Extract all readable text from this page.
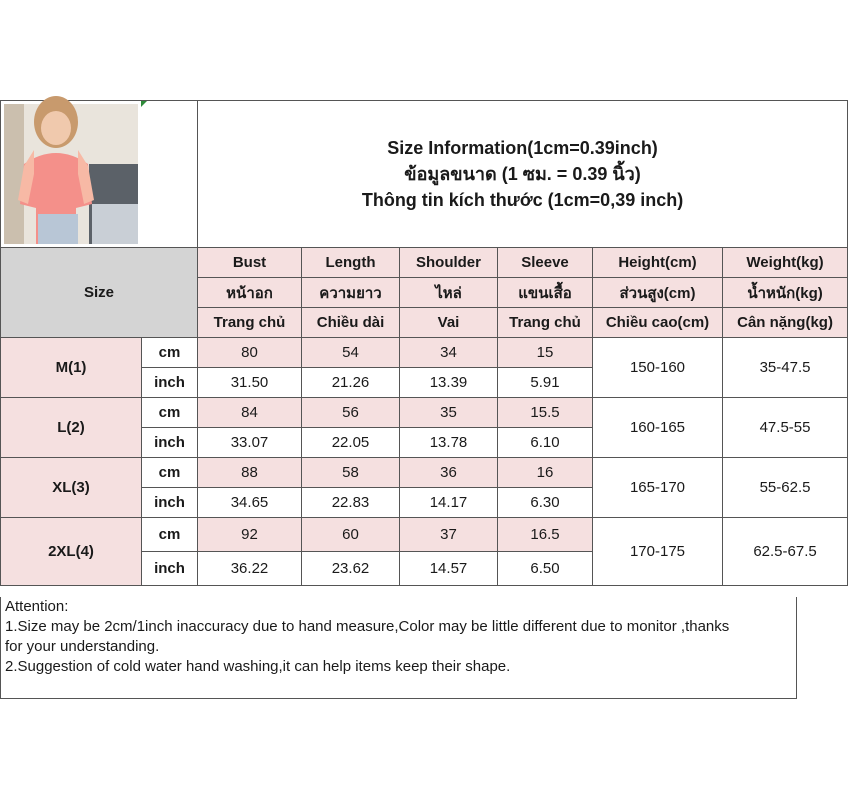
Size Information(1cm=0.39inch)
ข้อมูลขนาด (1 ซม. = 0.39 นิ้ว)
Thông tin kích thước (1cm=0,39 inch)					

Size		Bust	Length	Shoulder	Sleeve	Height(cm)	Weight(kg)
		หน้าอก	ความยาว	ไหล่	แขนเสื้อ	ส่วนสูง(cm)	น้ำหนัก(kg)
		Trang chủ	Chiều dài	Vai	Trang chủ	Chiều cao(cm)	Cân nặng(kg)
M(1)	cm	80	54	34	15	150-160	35-47.5
	inch	31.50	21.26	13.39	5.91		
L(2)	cm	84	56	35	15.5	160-165	47.5-55
	inch	33.07	22.05	13.78	6.10		
XL(3)	cm	88	58	36	16	165-170	55-62.5
	inch	34.65	22.83	14.17	6.30		
2XL(4)	cm	92	60	37	16.5	170-175	62.5-67.5
	inch	36.22	23.62	14.57	6.50		

Attention:

1.Size may be 2cm/1inch inaccuracy due to hand measure,Color may be little different due to monitor ,thanks

for your understanding.

2.Suggestion of cold water hand washing,it can help items keep their shape.
